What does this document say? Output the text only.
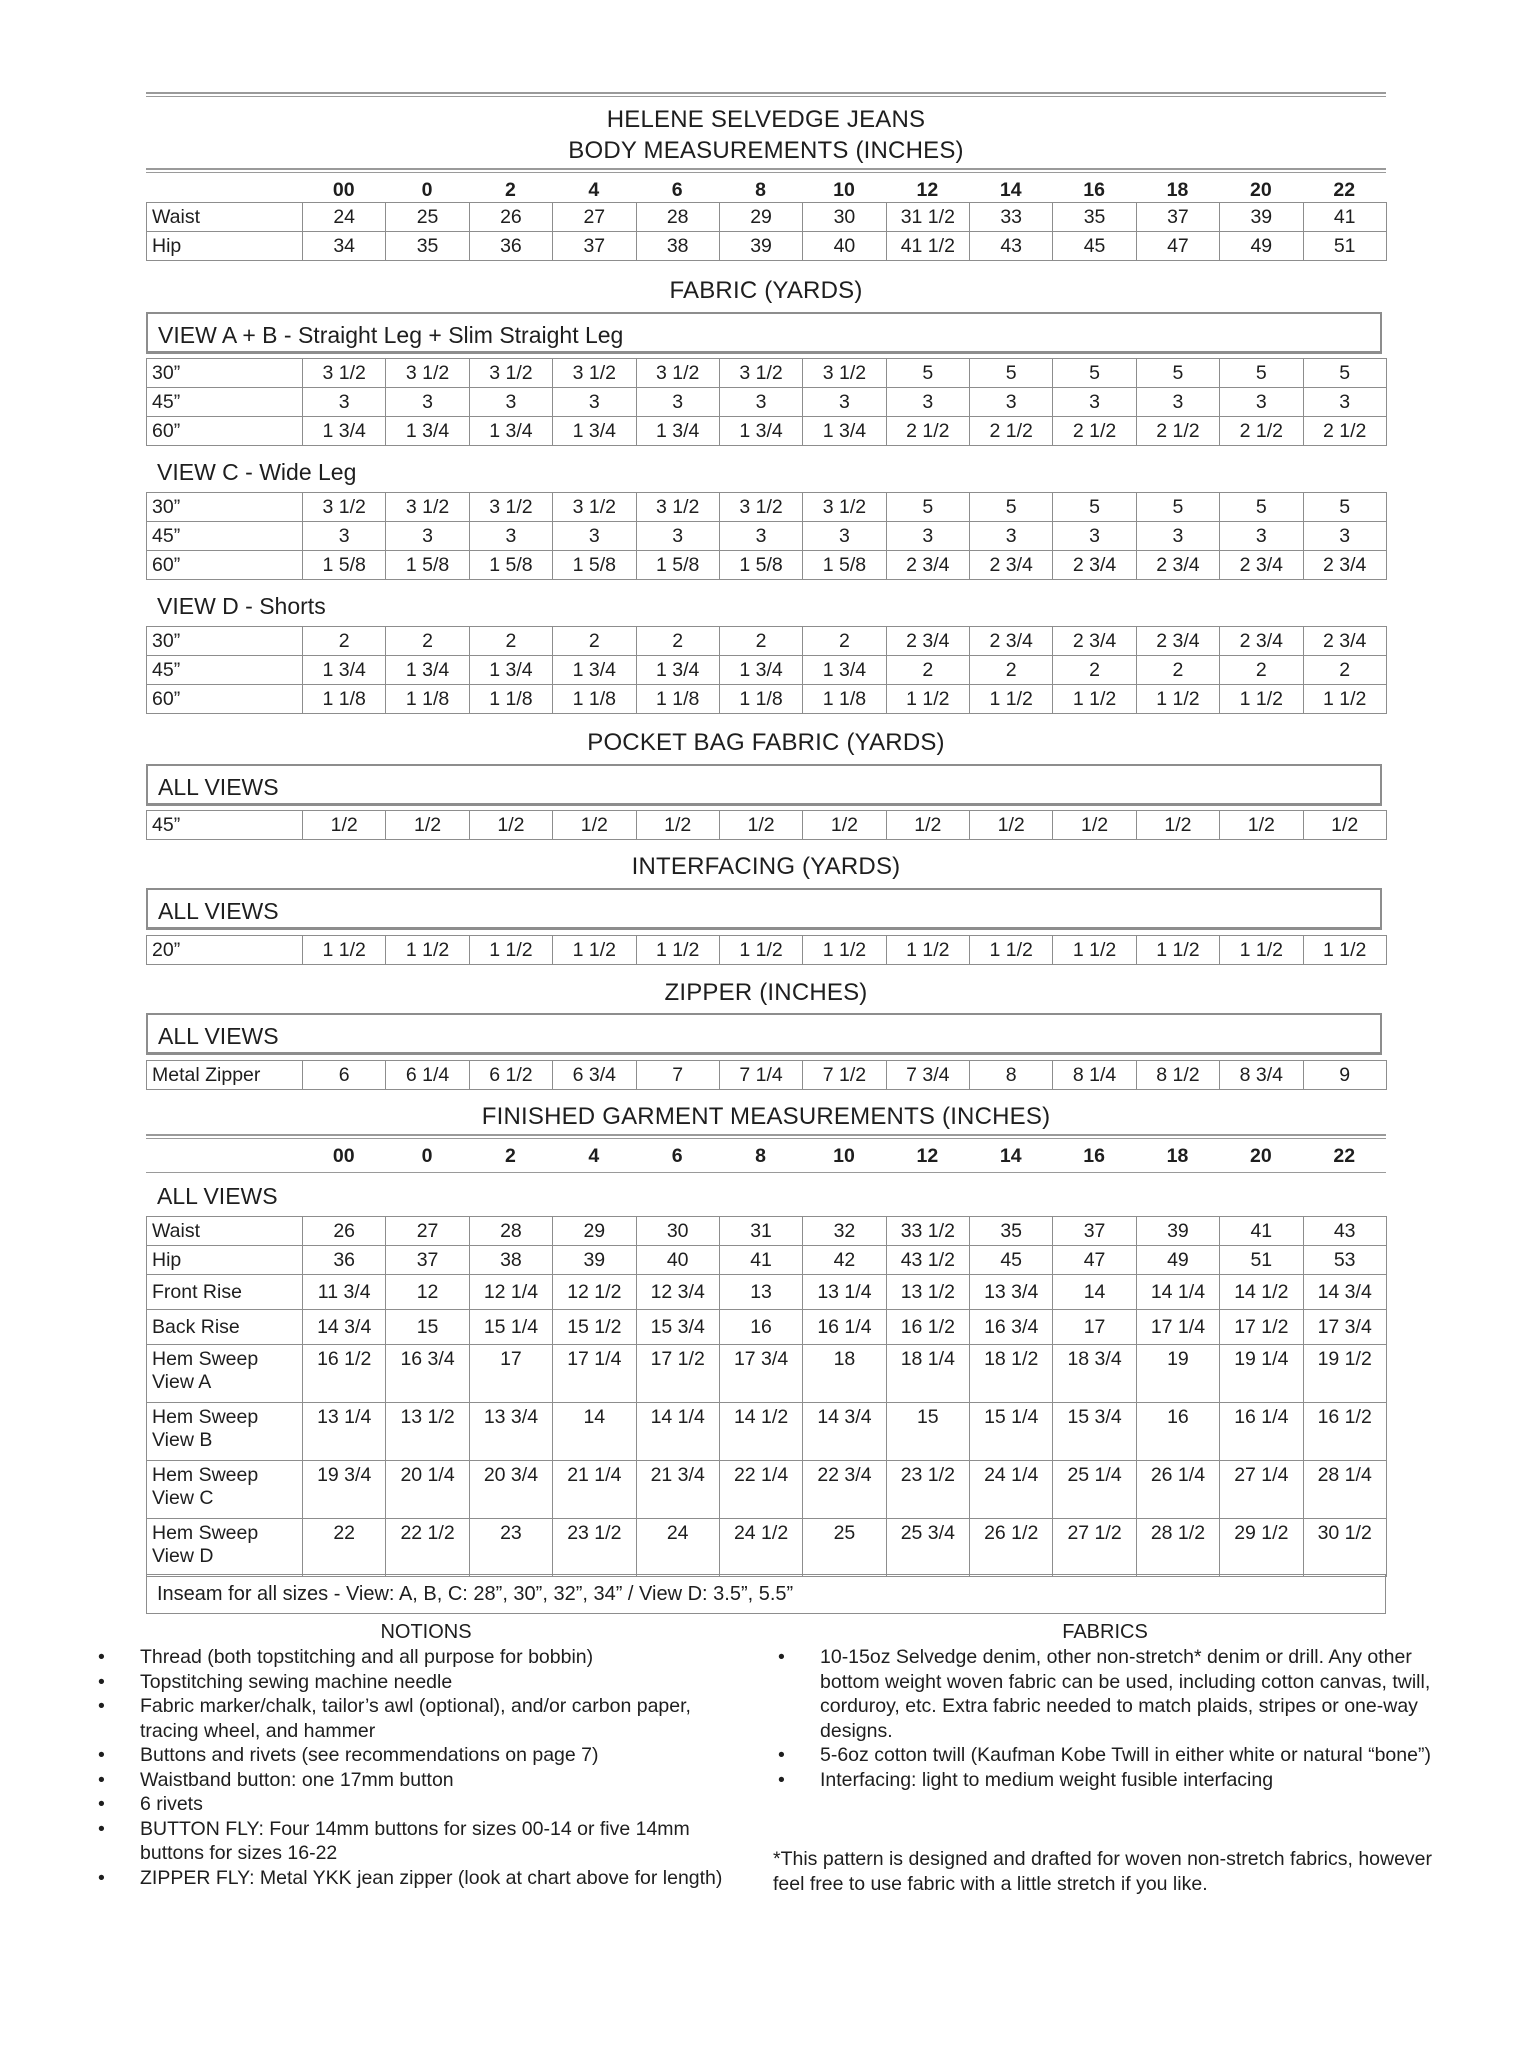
HELENE SELVEDGE JEANS
BODY MEASUREMENTS (INCHES)
	00	0	2	4	6	8	10	12	14	16	18	20	22
Waist	24	25	26	27	28	29	30	31 1/2	33	35	37	39	41
Hip	34	35	36	37	38	39	40	41 1/2	43	45	47	49	51
FABRIC (YARDS)
VIEW A + B - Straight Leg + Slim Straight Leg
30”	3 1/2	3 1/2	3 1/2	3 1/2	3 1/2	3 1/2	3 1/2	5	5	5	5	5	5
45”	3	3	3	3	3	3	3	3	3	3	3	3	3
60”	1 3/4	1 3/4	1 3/4	1 3/4	1 3/4	1 3/4	1 3/4	2 1/2	2 1/2	2 1/2	2 1/2	2 1/2	2 1/2
VIEW C - Wide Leg
30”	3 1/2	3 1/2	3 1/2	3 1/2	3 1/2	3 1/2	3 1/2	5	5	5	5	5	5
45”	3	3	3	3	3	3	3	3	3	3	3	3	3
60”	1 5/8	1 5/8	1 5/8	1 5/8	1 5/8	1 5/8	1 5/8	2 3/4	2 3/4	2 3/4	2 3/4	2 3/4	2 3/4
VIEW D - Shorts
30”	2	2	2	2	2	2	2	2 3/4	2 3/4	2 3/4	2 3/4	2 3/4	2 3/4
45”	1 3/4	1 3/4	1 3/4	1 3/4	1 3/4	1 3/4	1 3/4	2	2	2	2	2	2
60”	1 1/8	1 1/8	1 1/8	1 1/8	1 1/8	1 1/8	1 1/8	1 1/2	1 1/2	1 1/2	1 1/2	1 1/2	1 1/2
POCKET BAG FABRIC (YARDS)
ALL VIEWS
45”	1/2	1/2	1/2	1/2	1/2	1/2	1/2	1/2	1/2	1/2	1/2	1/2	1/2
INTERFACING (YARDS)
ALL VIEWS
20”	1 1/2	1 1/2	1 1/2	1 1/2	1 1/2	1 1/2	1 1/2	1 1/2	1 1/2	1 1/2	1 1/2	1 1/2	1 1/2
ZIPPER (INCHES)
ALL VIEWS
Metal Zipper	6	6 1/4	6 1/2	6 3/4	7	7 1/4	7 1/2	7 3/4	8	8 1/4	8 1/2	8 3/4	9
FINISHED GARMENT MEASUREMENTS (INCHES)
	00	0	2	4	6	8	10	12	14	16	18	20	22
ALL VIEWS
Waist	26	27	28	29	30	31	32	33 1/2	35	37	39	41	43
Hip	36	37	38	39	40	41	42	43 1/2	45	47	49	51	53
Front Rise	11 3/4	12	12 1/4	12 1/2	12 3/4	13	13 1/4	13 1/2	13 3/4	14	14 1/4	14 1/2	14 3/4
Back Rise	14 3/4	15	15 1/4	15 1/2	15 3/4	16	16 1/4	16 1/2	16 3/4	17	17 1/4	17 1/2	17 3/4
Hem Sweep View A	16 1/2	16 3/4	17	17 1/4	17 1/2	17 3/4	18	18 1/4	18 1/2	18 3/4	19	19 1/4	19 1/2
Hem Sweep View B	13 1/4	13 1/2	13 3/4	14	14 1/4	14 1/2	14 3/4	15	15 1/4	15 3/4	16	16 1/4	16 1/2
Hem Sweep View C	19 3/4	20 1/4	20 3/4	21 1/4	21 3/4	22 1/4	22 3/4	23 1/2	24 1/4	25 1/4	26 1/4	27 1/4	28 1/4
Hem Sweep View D	22	22 1/2	23	23 1/2	24	24 1/2	25	25 3/4	26 1/2	27 1/2	28 1/2	29 1/2	30 1/2
Inseam for all sizes - View: A, B, C: 28”, 30”, 32”, 34” / View D: 3.5”, 5.5”
NOTIONS
• Thread (both topstitching and all purpose for bobbin)
• Topstitching sewing machine needle
• Fabric marker/chalk, tailor’s awl (optional), and/or carbon paper, tracing wheel, and hammer
• Buttons and rivets (see recommendations on page 7)
• Waistband button: one 17mm button
• 6 rivets
• BUTTON FLY: Four 14mm buttons for sizes 00-14 or five 14mm buttons for sizes 16-22
• ZIPPER FLY: Metal YKK jean zipper (look at chart above for length)
FABRICS
• 10-15oz Selvedge denim, other non-stretch* denim or drill. Any other bottom weight woven fabric can be used, including cotton canvas, twill, corduroy, etc. Extra fabric needed to match plaids, stripes or one-way designs.
• 5-6oz cotton twill (Kaufman Kobe Twill in either white or natural “bone”)
• Interfacing: light to medium weight fusible interfacing
*This pattern is designed and drafted for woven non-stretch fabrics, however feel free to use fabric with a little stretch if you like.
